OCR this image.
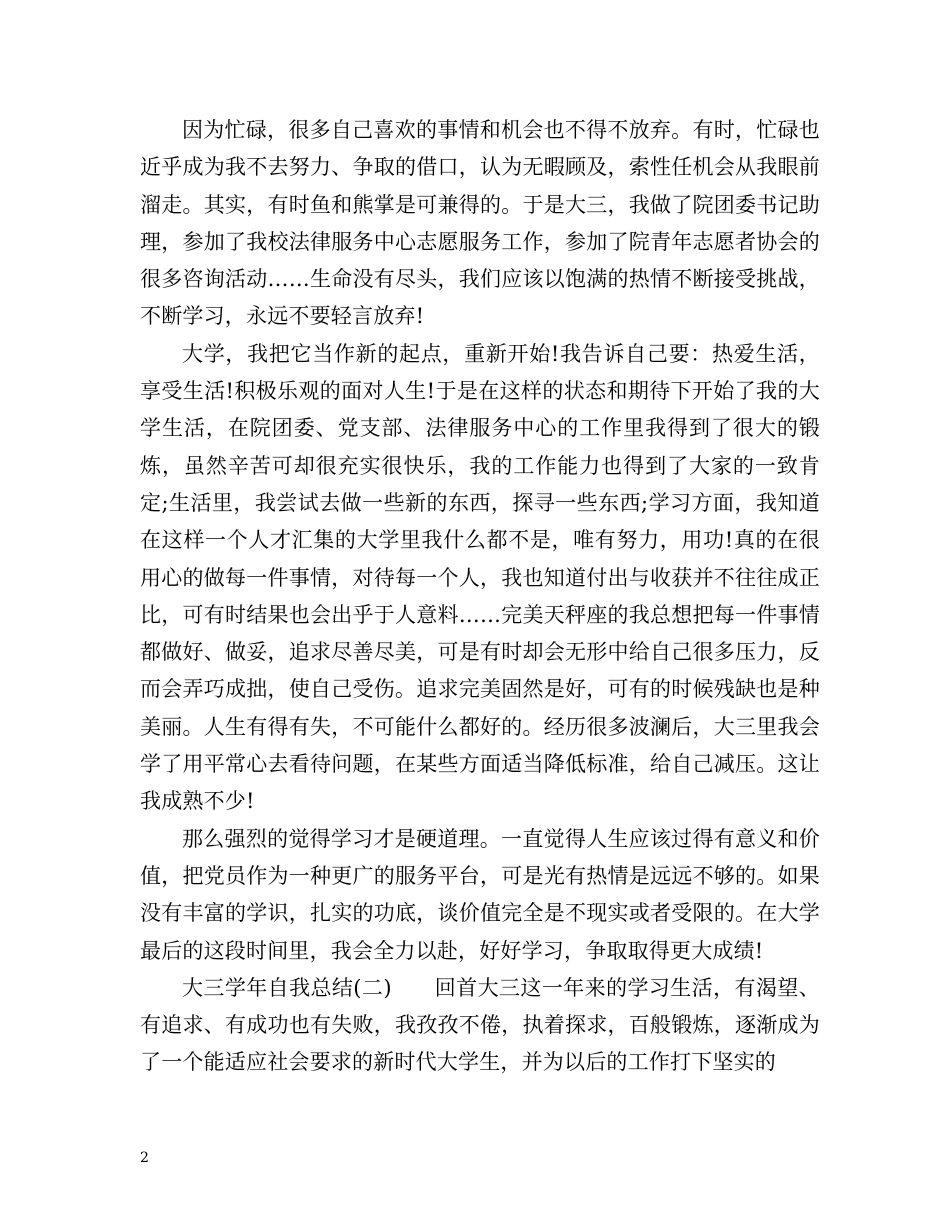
因为忙碌，很多自己喜欢的事情和机会也不得不放弃。有时，忙碌也近乎成为我不去努力、争取的借口，认为无暇顾及，索性任机会从我眼前溜走。其实，有时鱼和熊掌是可兼得的。于是大三，我做了院团委书记助理，参加了我校法律服务中心志愿服务工作，参加了院青年志愿者协会的很多咨询活动……生命没有尽头，我们应该以饱满的热情不断接受挑战，不断学习，永远不要轻言放弃!

大学，我把它当作新的起点，重新开始!我告诉自己要：热爱生活，享受生活!积极乐观的面对人生!于是在这样的状态和期待下开始了我的大学生活，在院团委、党支部、法律服务中心的工作里我得到了很大的锻炼，虽然辛苦可却很充实很快乐，我的工作能力也得到了大家的一致肯定;生活里，我尝试去做一些新的东西，探寻一些东西;学习方面，我知道在这样一个人才汇集的大学里我什么都不是，唯有努力，用功!真的在很用心的做每一件事情，对待每一个人，我也知道付出与收获并不往往成正比，可有时结果也会出乎于人意料……完美天秤座的我总想把每一件事情都做好、做妥，追求尽善尽美，可是有时却会无形中给自己很多压力，反而会弄巧成拙，使自己受伤。追求完美固然是好，可有的时候残缺也是种美丽。人生有得有失，不可能什么都好的。经历很多波澜后，大三里我会学了用平常心去看待问题，在某些方面适当降低标准，给自己减压。这让我成熟不少!

那么强烈的觉得学习才是硬道理。一直觉得人生应该过得有意义和价值，把党员作为一种更广的服务平台，可是光有热情是远远不够的。如果没有丰富的学识，扎实的功底，谈价值完全是不现实或者受限的。在大学最后的这段时间里，我会全力以赴，好好学习，争取取得更大成绩!

大三学年自我总结(二)　　回首大三这一年来的学习生活，有渴望、有追求、有成功也有失败，我孜孜不倦，执着探求，百般锻炼，逐渐成为了一个能适应社会要求的新时代大学生，并为以后的工作打下坚实的

2
